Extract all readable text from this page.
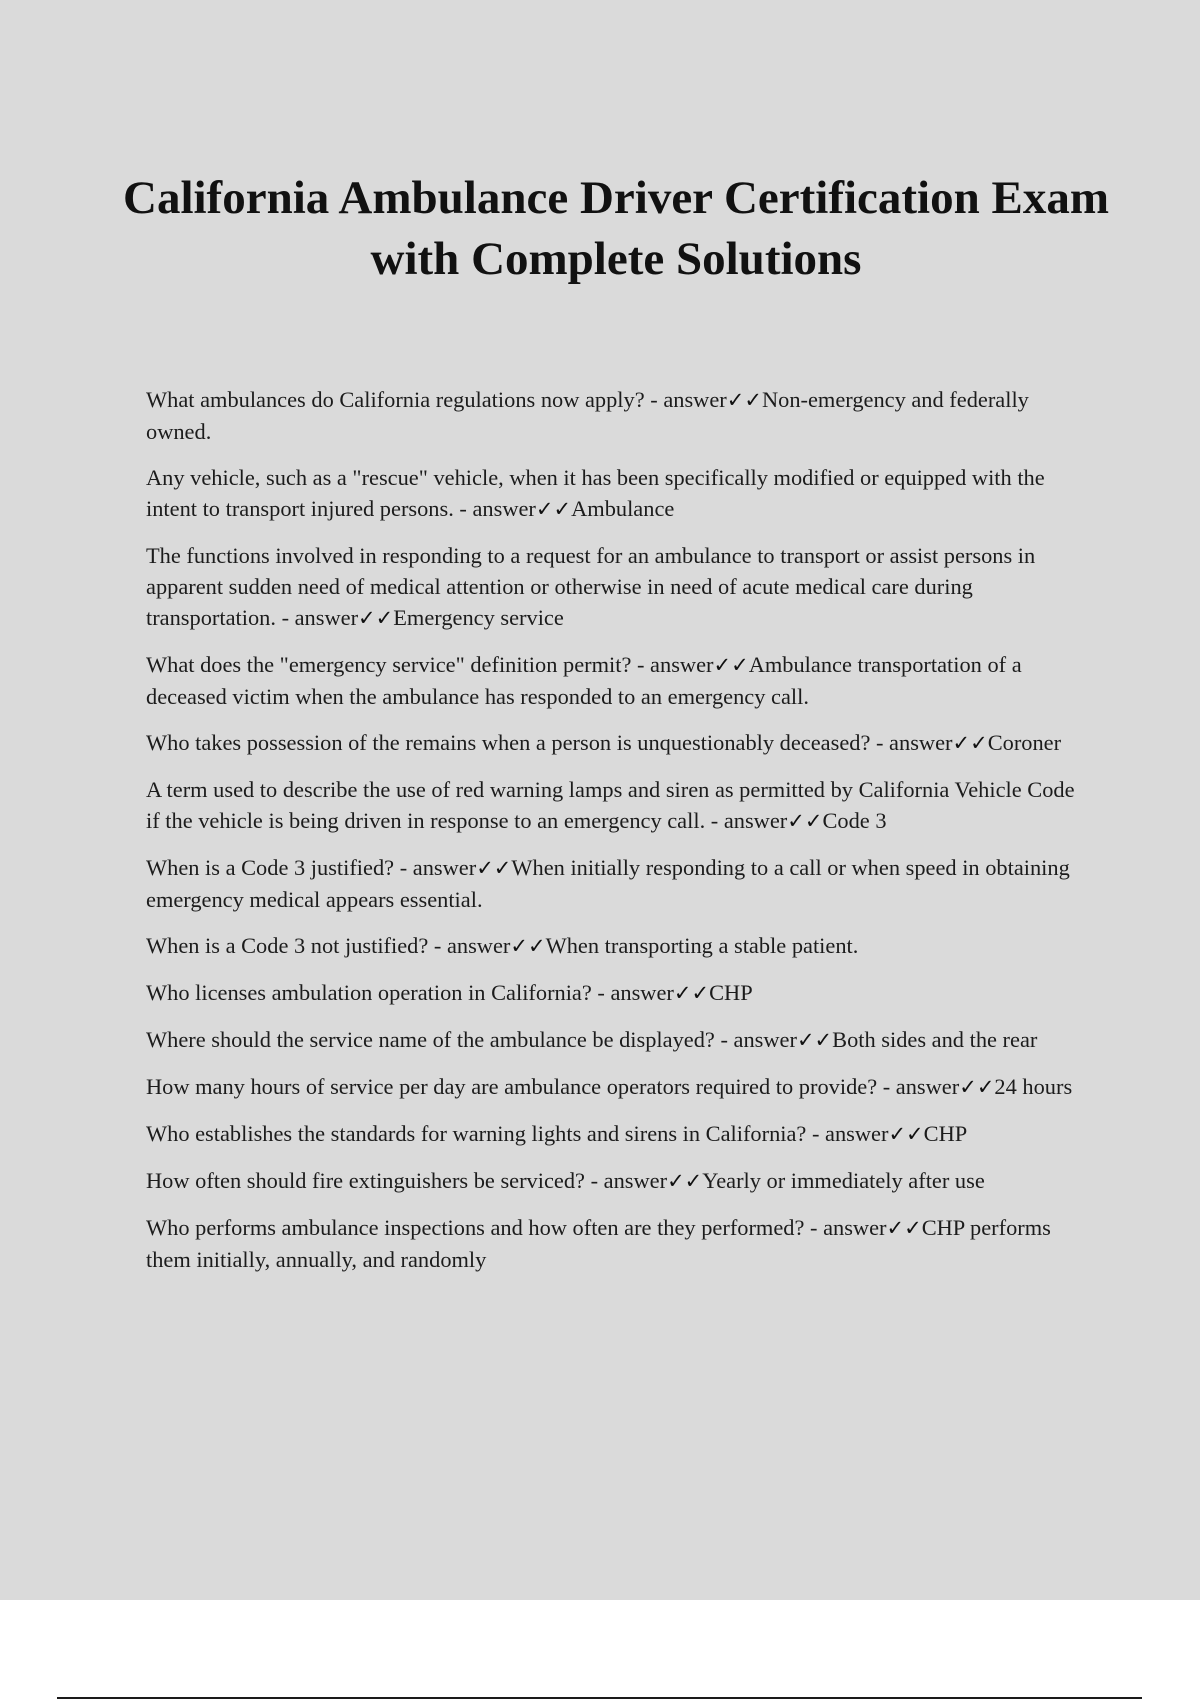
California Ambulance Driver Certification Exam with Complete Solutions
What ambulances do California regulations now apply? - answer✓✓Non-emergency and federally owned.
Any vehicle, such as a "rescue" vehicle, when it has been specifically modified or equipped with the intent to transport injured persons. - answer✓✓Ambulance
The functions involved in responding to a request for an ambulance to transport or assist persons in apparent sudden need of medical attention or otherwise in need of acute medical care during transportation. - answer✓✓Emergency service
What does the "emergency service" definition permit? - answer✓✓Ambulance transportation of a deceased victim when the ambulance has responded to an emergency call.
Who takes possession of the remains when a person is unquestionably deceased? - answer✓✓Coroner
A term used to describe the use of red warning lamps and siren as permitted by California Vehicle Code if the vehicle is being driven in response to an emergency call. - answer✓✓Code 3
When is a Code 3 justified? - answer✓✓When initially responding to a call or when speed in obtaining emergency medical appears essential.
When is a Code 3 not justified? - answer✓✓When transporting a stable patient.
Who licenses ambulation operation in California? - answer✓✓CHP
Where should the service name of the ambulance be displayed? - answer✓✓Both sides and the rear
How many hours of service per day are ambulance operators required to provide? - answer✓✓24 hours
Who establishes the standards for warning lights and sirens in California? - answer✓✓CHP
How often should fire extinguishers be serviced? - answer✓✓Yearly or immediately after use
Who performs ambulance inspections and how often are they performed? - answer✓✓CHP performs them initially, annually, and randomly
